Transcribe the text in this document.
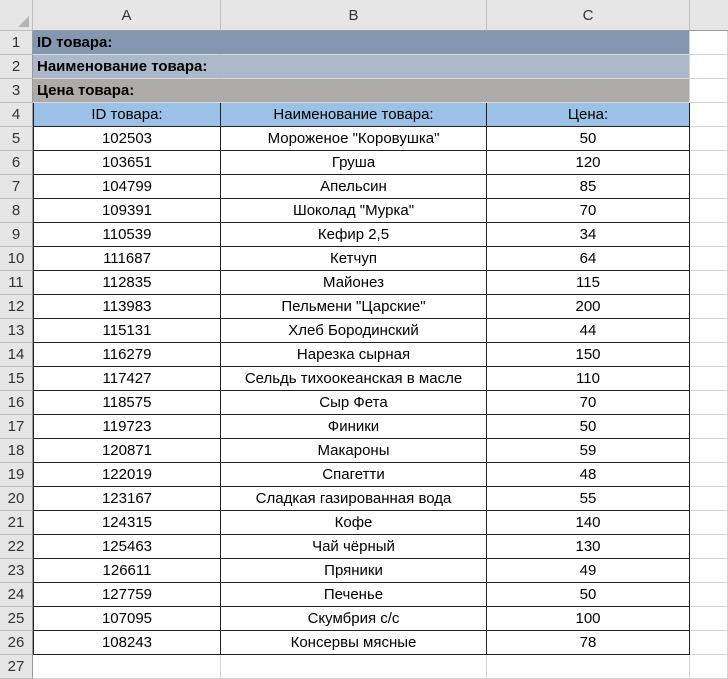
A	B	C
1	ID товара:
2	Наименование товара:
3	Цена товара:
4	ID товара:	Наименование товара:	Цена:
5	102503	Мороженое "Коровушка"	50
6	103651	Груша	120
7	104799	Апельсин	85
8	109391	Шоколад "Мурка"	70
9	110539	Кефир 2,5	34
10	111687	Кетчуп	64
11	112835	Майонез	115
12	113983	Пельмени "Царские"	200
13	115131	Хлеб Бородинский	44
14	116279	Нарезка сырная	150
15	117427	Сельдь тихоокеанская в масле	110
16	118575	Сыр Фета	70
17	119723	Финики	50
18	120871	Макароны	59
19	122019	Спагетти	48
20	123167	Сладкая газированная вода	55
21	124315	Кофе	140
22	125463	Чай чёрный	130
23	126611	Пряники	49
24	127759	Печенье	50
25	107095	Скумбрия с/с	100
26	108243	Консервы мясные	78
27
